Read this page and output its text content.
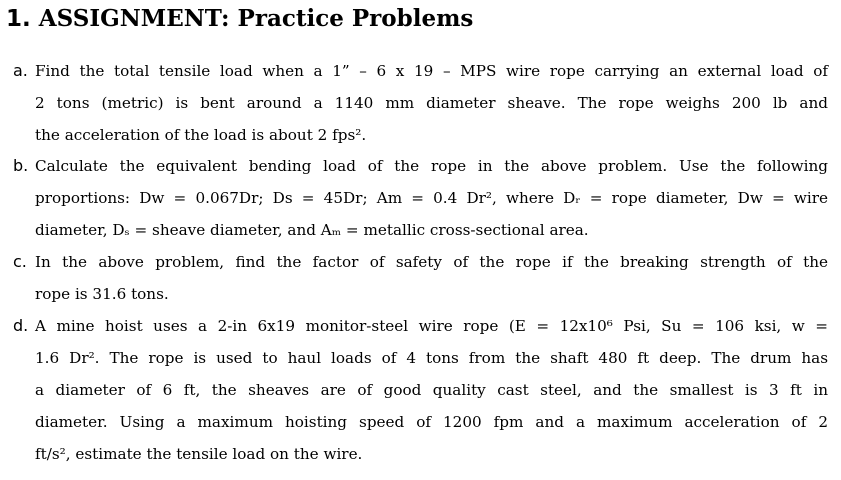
1. ASSIGNMENT: Practice Problems
a. Find the total tensile load when a 1” – 6 x 19 – MPS wire rope carrying an external load of
2 tons (metric) is bent around a 1140 mm diameter sheave. The rope weighs 200 lb and
the acceleration of the load is about 2 fps².
b. Calculate the equivalent bending load of the rope in the above problem. Use the following
proportions: Dᴡ = 0.067Dr; Ds = 45Dr; Am = 0.4 Dr², where Dᵣ = rope diameter, Dᴡ = wire
diameter, Dₛ = sheave diameter, and Aₘ = metallic cross-sectional area.
c. In the above problem, find the factor of safety of the rope if the breaking strength of the
rope is 31.6 tons.
d. A mine hoist uses a 2-in 6x19 monitor-steel wire rope (E = 12x10⁶ Psi, Su = 106 ksi, w =
1.6 Dr². The rope is used to haul loads of 4 tons from the shaft 480 ft deep. The drum has
a diameter of 6 ft, the sheaves are of good quality cast steel, and the smallest is 3 ft in
diameter. Using a maximum hoisting speed of 1200 fpm and a maximum acceleration of 2
ft/s², estimate the tensile load on the wire.
